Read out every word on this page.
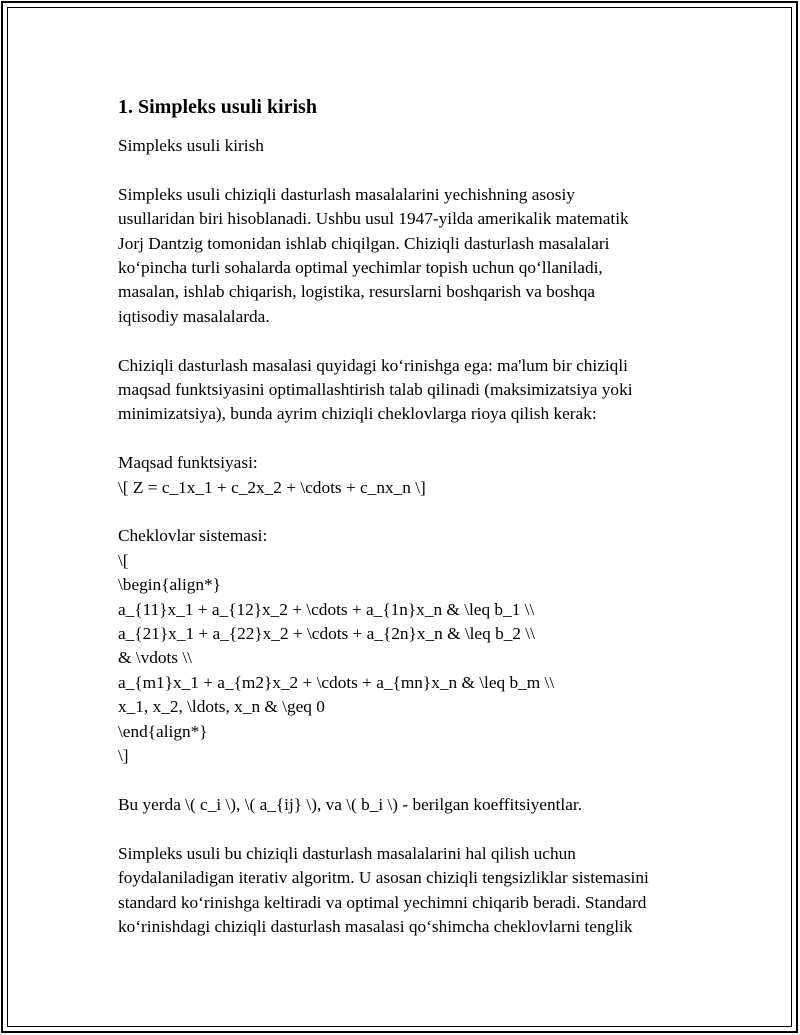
1. Simpleks usuli kirish
Simpleks usuli kirish
Simpleks usuli chiziqli dasturlash masalalarini yechishning asosiy
usullaridan biri hisoblanadi. Ushbu usul 1947-yilda amerikalik matematik
Jorj Dantzig tomonidan ishlab chiqilgan. Chiziqli dasturlash masalalari
ko‘pincha turli sohalarda optimal yechimlar topish uchun qo‘llaniladi,
masalan, ishlab chiqarish, logistika, resurslarni boshqarish va boshqa
iqtisodiy masalalarda.
Chiziqli dasturlash masalasi quyidagi ko‘rinishga ega: ma'lum bir chiziqli
maqsad funktsiyasini optimallashtirish talab qilinadi (maksimizatsiya yoki
minimizatsiya), bunda ayrim chiziqli cheklovlarga rioya qilish kerak:
Maqsad funktsiyasi:
\[ Z = c_1x_1 + c_2x_2 + \cdots + c_nx_n \]
Cheklovlar sistemasi:
\[
\begin{align*}
a_{11}x_1 + a_{12}x_2 + \cdots + a_{1n}x_n & \leq b_1 \\
a_{21}x_1 + a_{22}x_2 + \cdots + a_{2n}x_n & \leq b_2 \\
& \vdots \\
a_{m1}x_1 + a_{m2}x_2 + \cdots + a_{mn}x_n & \leq b_m \\
x_1, x_2, \ldots, x_n & \geq 0
\end{align*}
\]
Bu yerda \( c_i \), \( a_{ij} \), va \( b_i \) - berilgan koeffitsiyentlar.
Simpleks usuli bu chiziqli dasturlash masalalarini hal qilish uchun
foydalaniladigan iterativ algoritm. U asosan chiziqli tengsizliklar sistemasini
standard ko‘rinishga keltiradi va optimal yechimni chiqarib beradi. Standard
ko‘rinishdagi chiziqli dasturlash masalasi qo‘shimcha cheklovlarni tenglik
